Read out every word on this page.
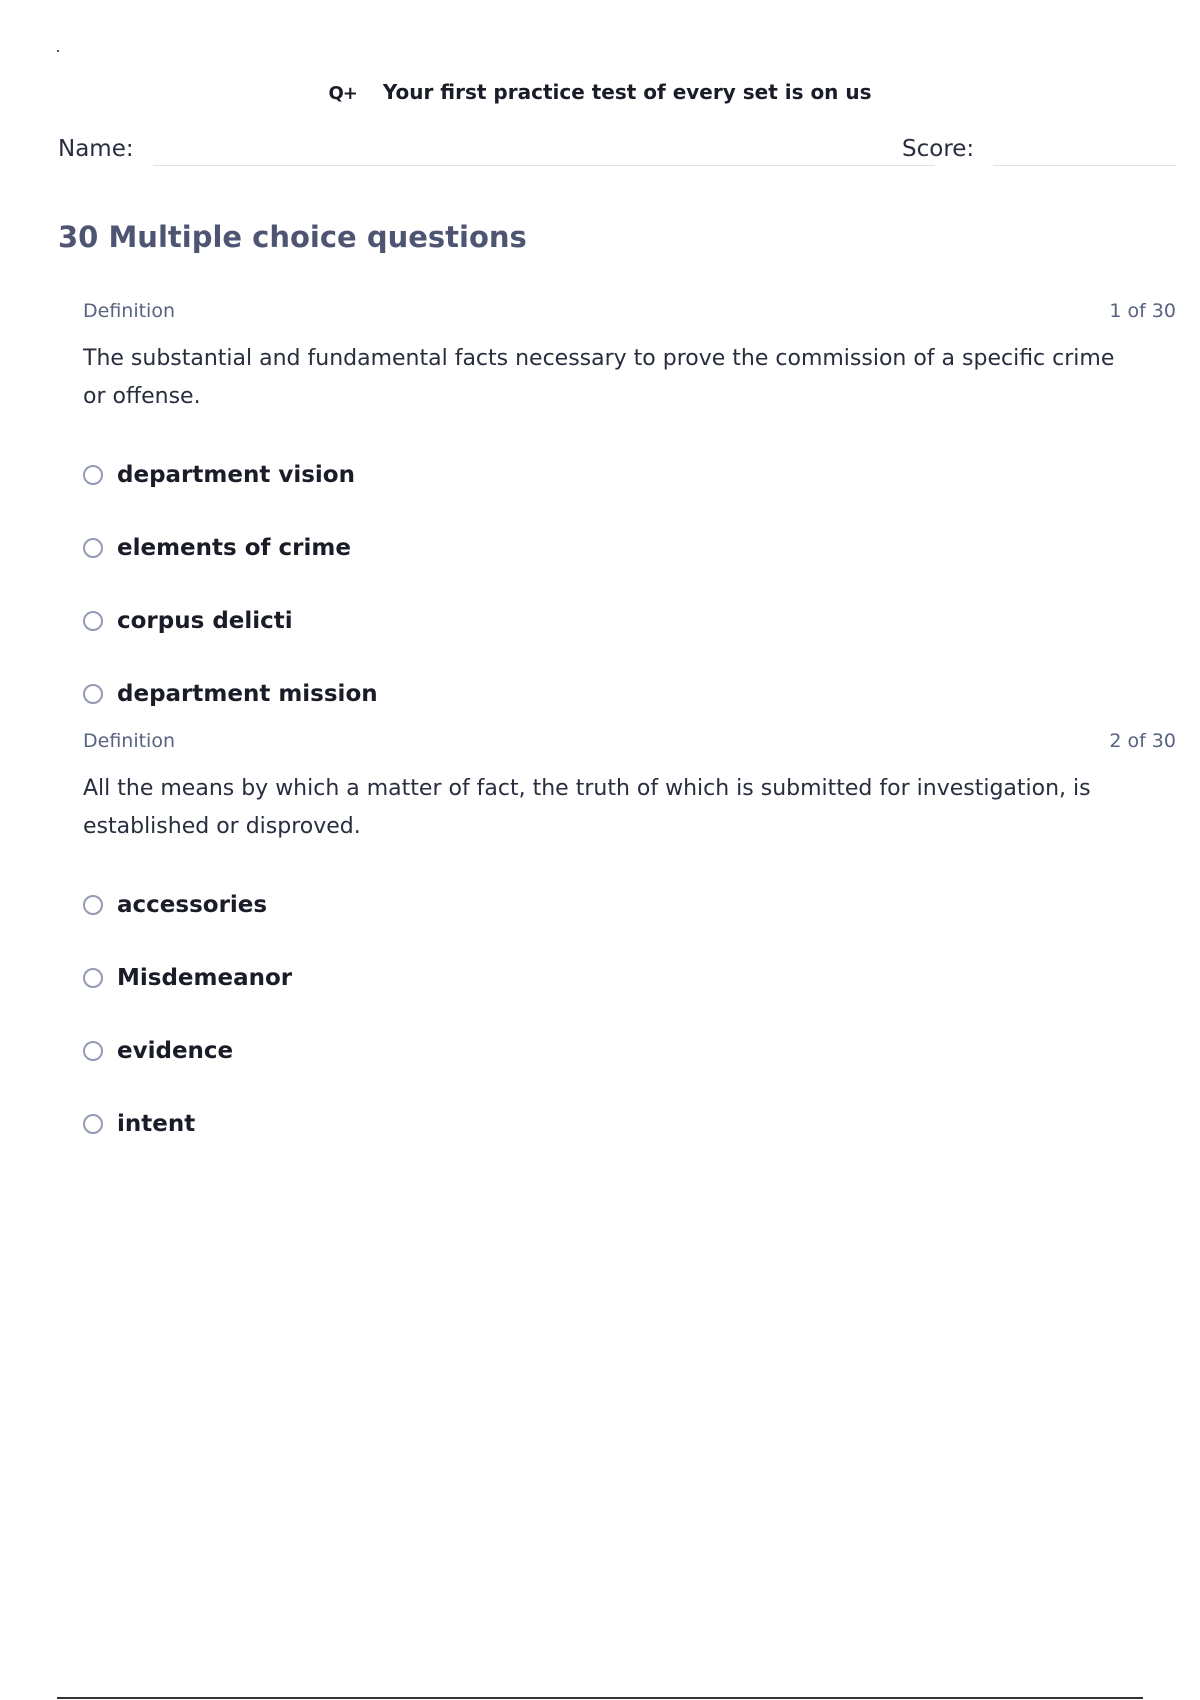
Q+ Your first practice test of every set is on us
Name:	Score:
30 Multiple choice questions
Definition	1 of 30
The substantial and fundamental facts necessary to prove the commission of a specific crime or offense.
department vision
elements of crime
corpus delicti
department mission
Definition	2 of 30
All the means by which a matter of fact, the truth of which is submitted for investigation, is established or disproved.
accessories
Misdemeanor
evidence
intent
